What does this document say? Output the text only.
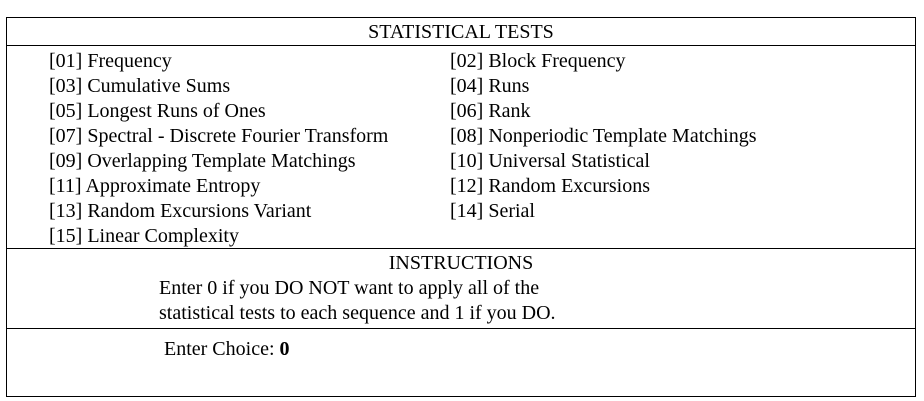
STATISTICAL TESTS
[01] Frequency	[02] Block Frequency
[03] Cumulative Sums	[04] Runs
[05] Longest Runs of Ones	[06] Rank
[07] Spectral - Discrete Fourier Transform	[08] Nonperiodic Template Matchings
[09] Overlapping Template Matchings	[10] Universal Statistical
[11] Approximate Entropy	[12] Random Excursions
[13] Random Excursions Variant	[14] Serial
[15] Linear Complexity
INSTRUCTIONS
Enter 0 if you DO NOT want to apply all of the
statistical tests to each sequence and 1 if you DO.
Enter Choice: 0
